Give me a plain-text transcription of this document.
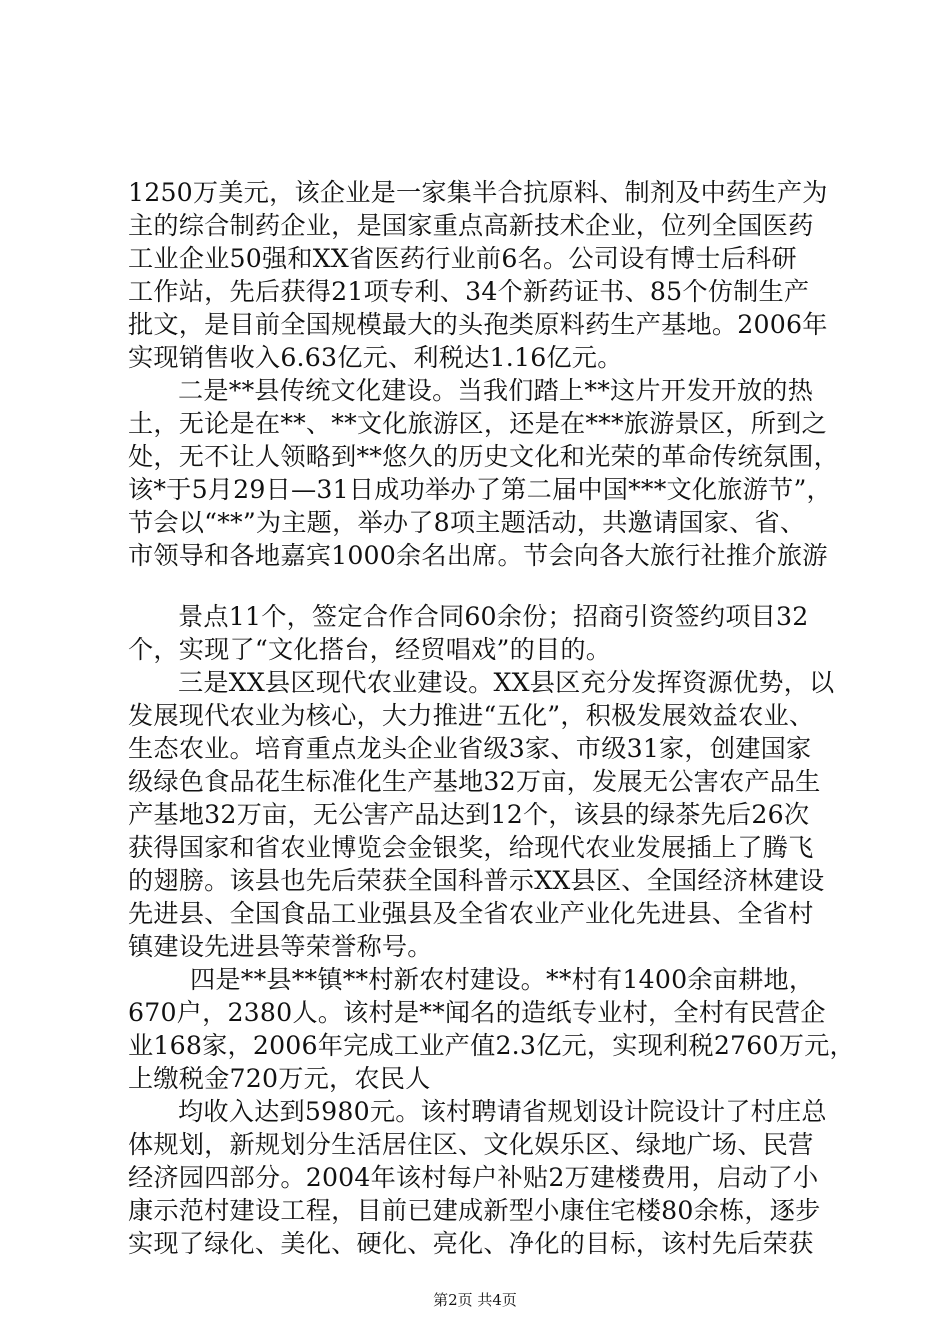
1250万美元，该企业是一家集半合抗原料、制剂及中药生产为
主的综合制药企业，是国家重点高新技术企业，位列全国医药
工业企业50强和XX省医药行业前6名。公司设有博士后科研
工作站，先后获得21项专利、34个新药证书、85个仿制生产
批文，是目前全国规模最大的头孢类原料药生产基地。2006年
实现销售收入6.63亿元、利税达1.16亿元。
二是**县传统文化建设。当我们踏上**这片开发开放的热
土，无论是在**、**文化旅游区，还是在***旅游景区，所到之
处，无不让人领略到**悠久的历史文化和光荣的革命传统氛围，
该*于5月29日—31日成功举办了第二届中国***文化旅游节”，
节会以“**”为主题，举办了8项主题活动，共邀请国家、省、
市领导和各地嘉宾1000余名出席。节会向各大旅行社推介旅游
景点11个，签定合作合同60余份；招商引资签约项目32
个，实现了“文化搭台，经贸唱戏”的目的。
三是XX县区现代农业建设。XX县区充分发挥资源优势，以
发展现代农业为核心，大力推进“五化”，积极发展效益农业、
生态农业。培育重点龙头企业省级3家、市级31家，创建国家
级绿色食品花生标准化生产基地32万亩，发展无公害农产品生
产基地32万亩，无公害产品达到12个，该县的绿茶先后26次
获得国家和省农业博览会金银奖，给现代农业发展插上了腾飞
的翅膀。该县也先后荣获全国科普示XX县区、全国经济林建设
先进县、全国食品工业强县及全省农业产业化先进县、全省村
镇建设先进县等荣誉称号。
四是**县**镇**村新农村建设。**村有1400余亩耕地，
670户，2380人。该村是**闻名的造纸专业村，全村有民营企
业168家，2006年完成工业产值2.3亿元，实现利税2760万元，
上缴税金720万元，农民人
均收入达到5980元。该村聘请省规划设计院设计了村庄总
体规划，新规划分生活居住区、文化娱乐区、绿地广场、民营
经济园四部分。2004年该村每户补贴2万建楼费用，启动了小
康示范村建设工程，目前已建成新型小康住宅楼80余栋，逐步
实现了绿化、美化、硬化、亮化、净化的目标，该村先后荣获
第2页 共4页
